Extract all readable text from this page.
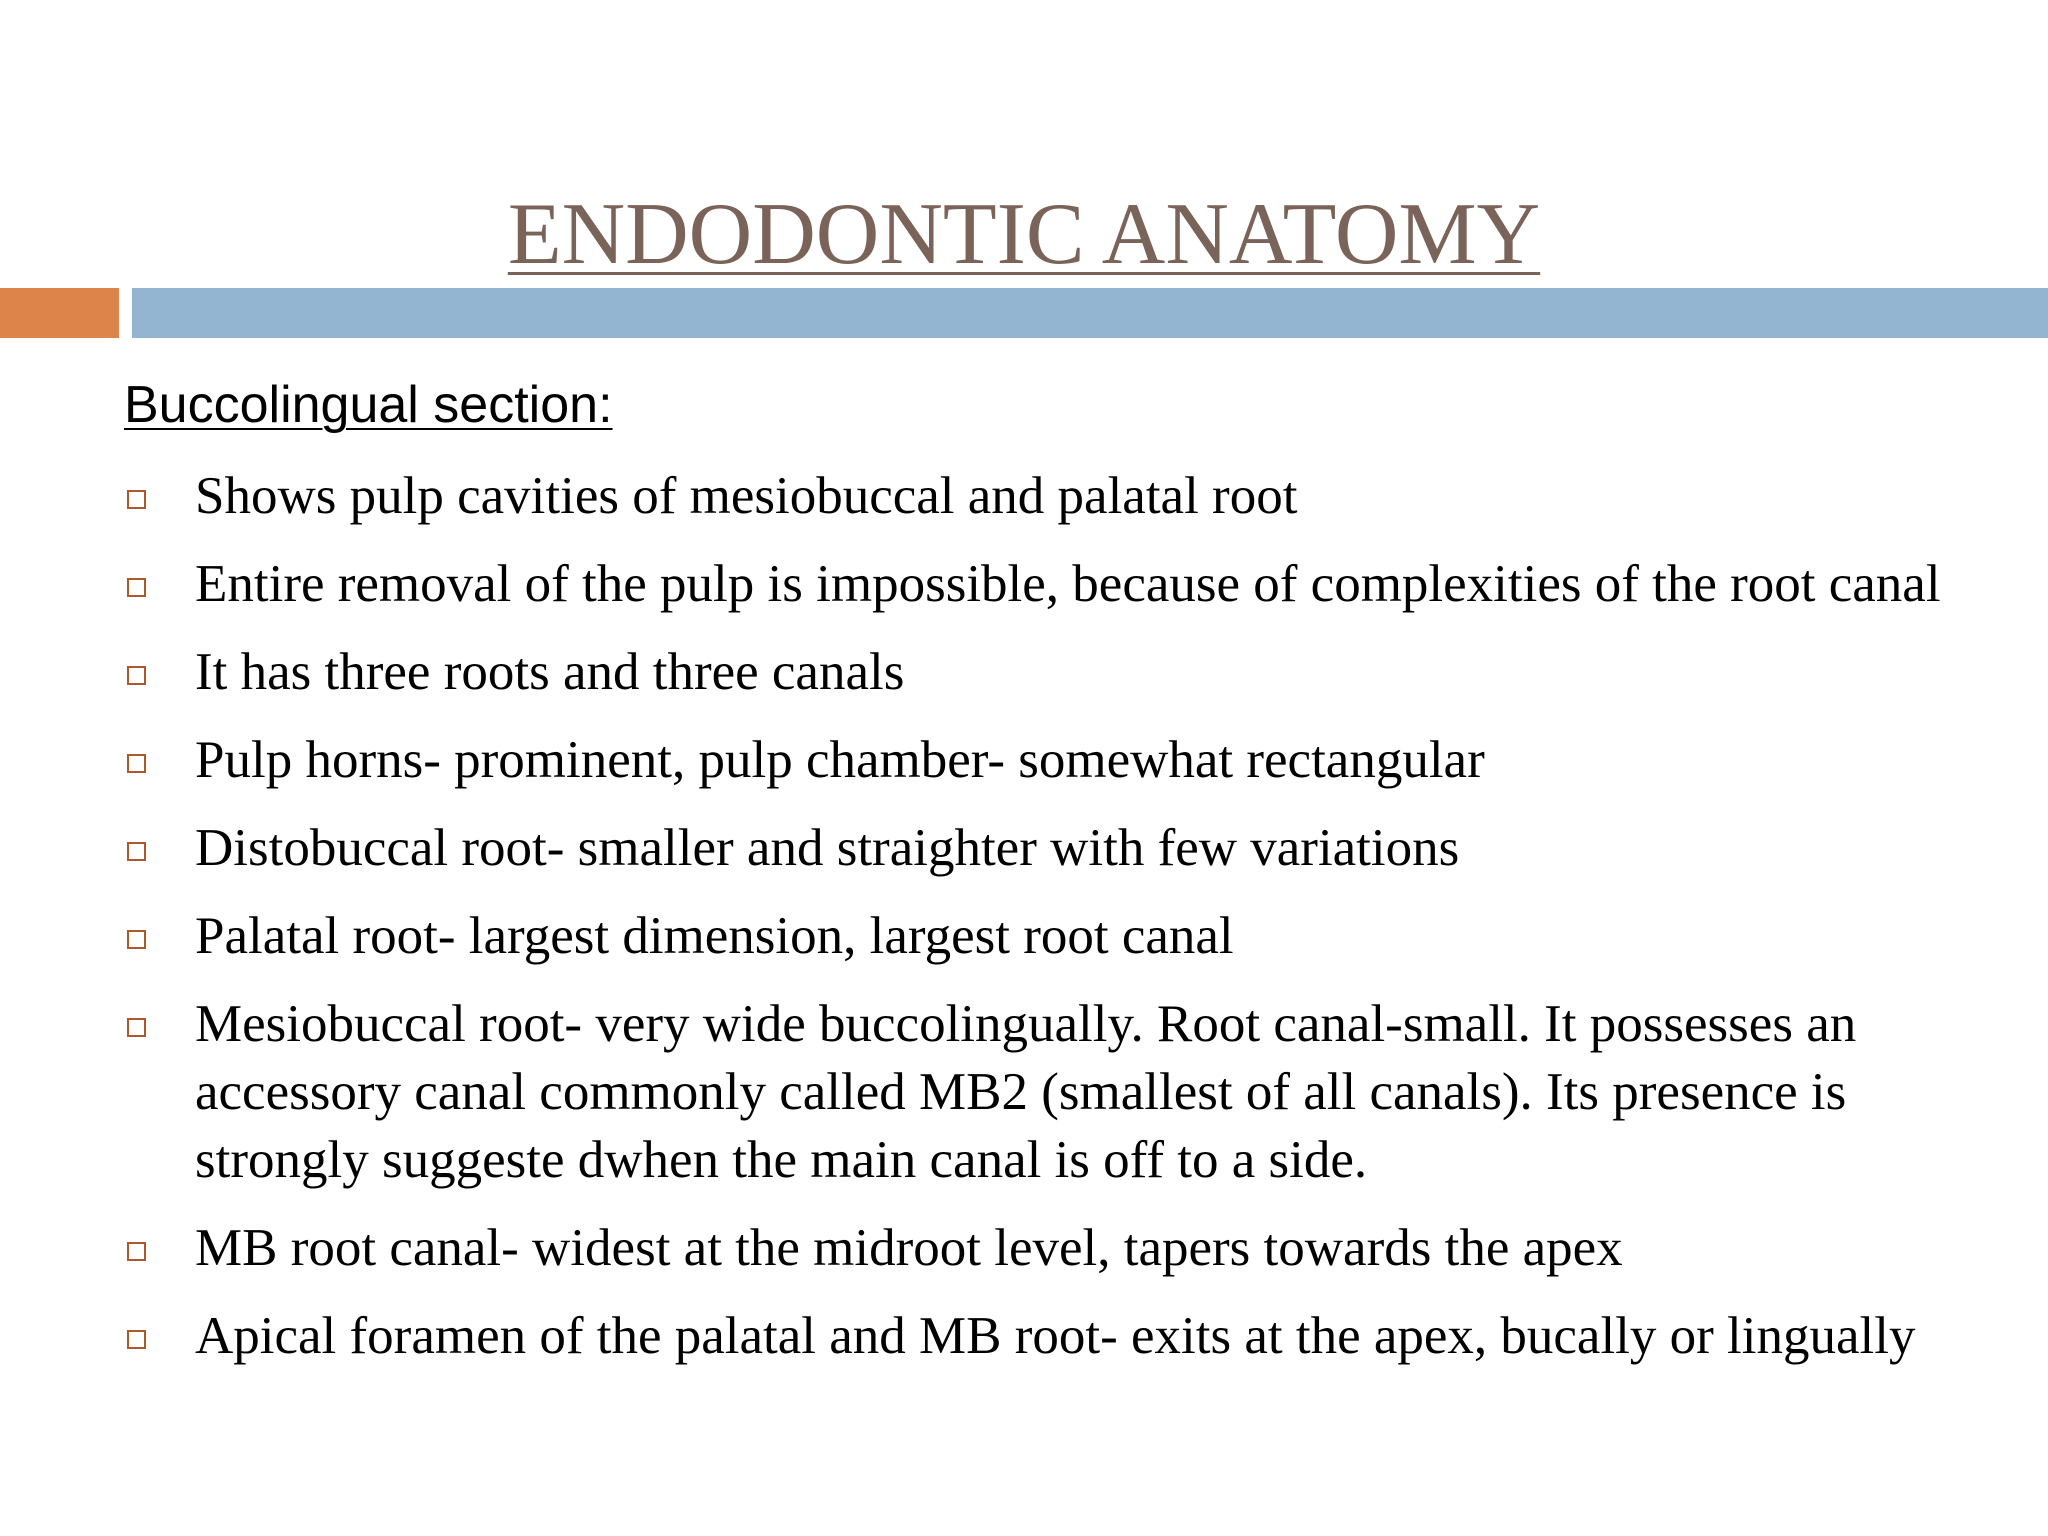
ENDODONTIC ANATOMY
Buccolingual section:
Shows pulp cavities of mesiobuccal and palatal root
Entire removal of the pulp is impossible, because of complexities of the root canal
It has three roots and three canals
Pulp horns- prominent, pulp chamber- somewhat rectangular
Distobuccal root- smaller and straighter with few variations
Palatal root- largest dimension, largest root canal
Mesiobuccal root- very wide buccolingually. Root canal-small. It possesses an accessory canal commonly called MB2 (smallest of all canals). Its presence is strongly suggeste dwhen the main canal is off to a side.
MB root canal- widest at the midroot level, tapers towards the apex
Apical foramen of the palatal and MB root- exits at the apex, bucally or lingually
